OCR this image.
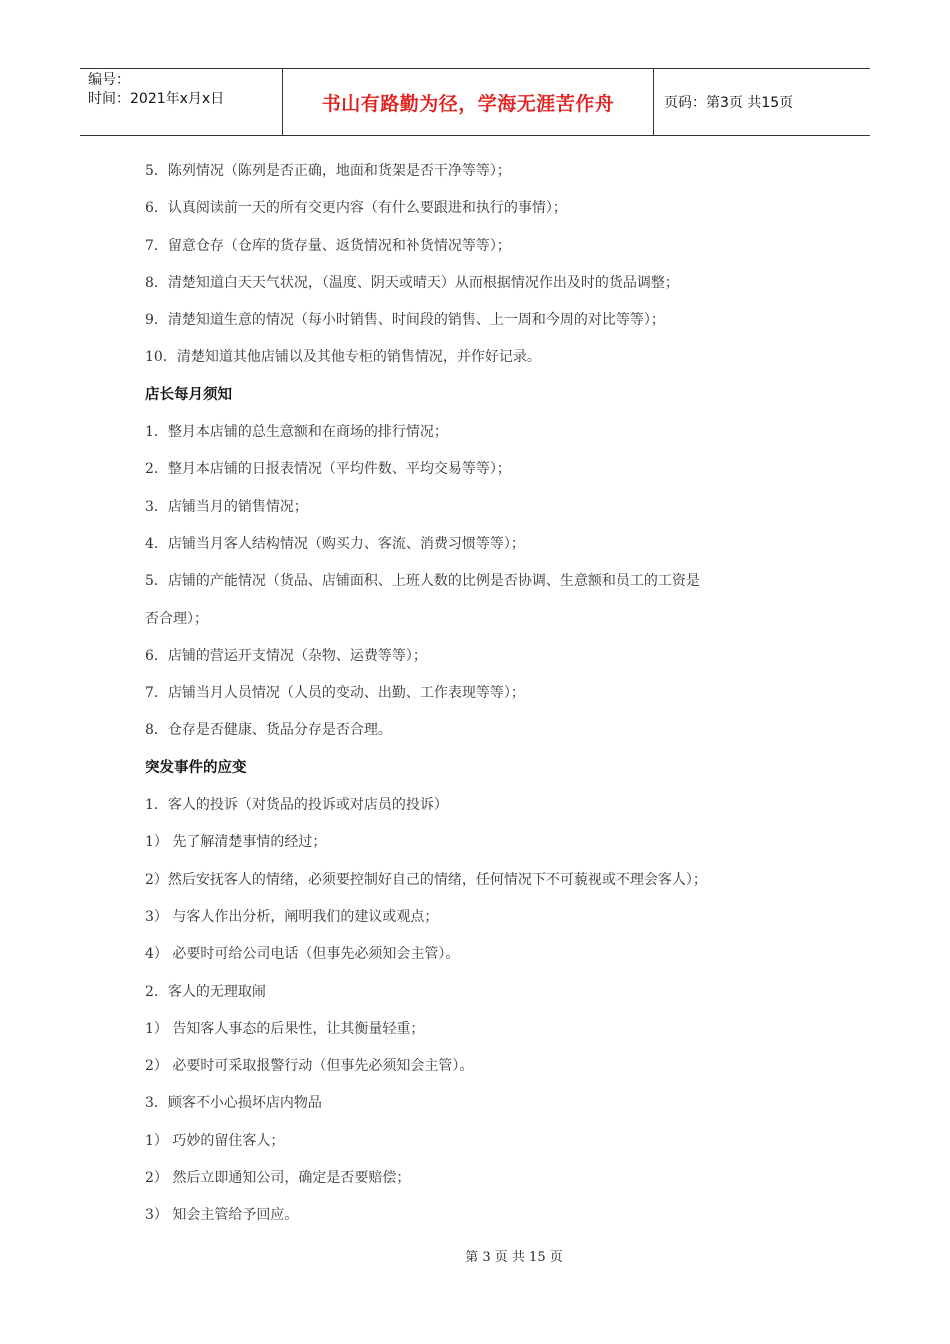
编号：
时间：2021年x月x日	书山有路勤为径，学海无涯苦作舟	页码：第3页 共15页
5．陈列情况（陈列是否正确，地面和货架是否干净等等）；
6．认真阅读前一天的所有交更内容（有什么要跟进和执行的事情）；
7．留意仓存（仓库的货存量、返货情况和补货情况等等）；
8．清楚知道白天天气状况，（温度、阴天或晴天）从而根据情况作出及时的货品调整；
9．清楚知道生意的情况（每小时销售、时间段的销售、上一周和今周的对比等等）；
10．清楚知道其他店铺以及其他专柜的销售情况，并作好记录。
店长每月须知
1．整月本店铺的总生意额和在商场的排行情况；
2．整月本店铺的日报表情况（平均件数、平均交易等等）；
3．店铺当月的销售情况；
4．店铺当月客人结构情况（购买力、客流、消费习惯等等）；
5．店铺的产能情况（货品、店铺面积、上班人数的比例是否协调、生意额和员工的工资是
否合理）；
6．店铺的营运开支情况（杂物、运费等等）；
7．店铺当月人员情况（人员的变动、出勤、工作表现等等）；
8．仓存是否健康、货品分存是否合理。
突发事件的应变
1．客人的投诉（对货品的投诉或对店员的投诉）
1） 先了解清楚事情的经过；
2）然后安抚客人的情绪，必须要控制好自己的情绪，任何情况下不可藐视或不理会客人）；
3） 与客人作出分析，阐明我们的建议或观点；
4） 必要时可给公司电话（但事先必须知会主管）。
2．客人的无理取闹
1） 告知客人事态的后果性，让其衡量轻重；
2） 必要时可采取报警行动（但事先必须知会主管）。
3．顾客不小心损坏店内物品
1） 巧妙的留住客人；
2） 然后立即通知公司，确定是否要赔偿；
3） 知会主管给予回应。
第 3 页 共 15 页
